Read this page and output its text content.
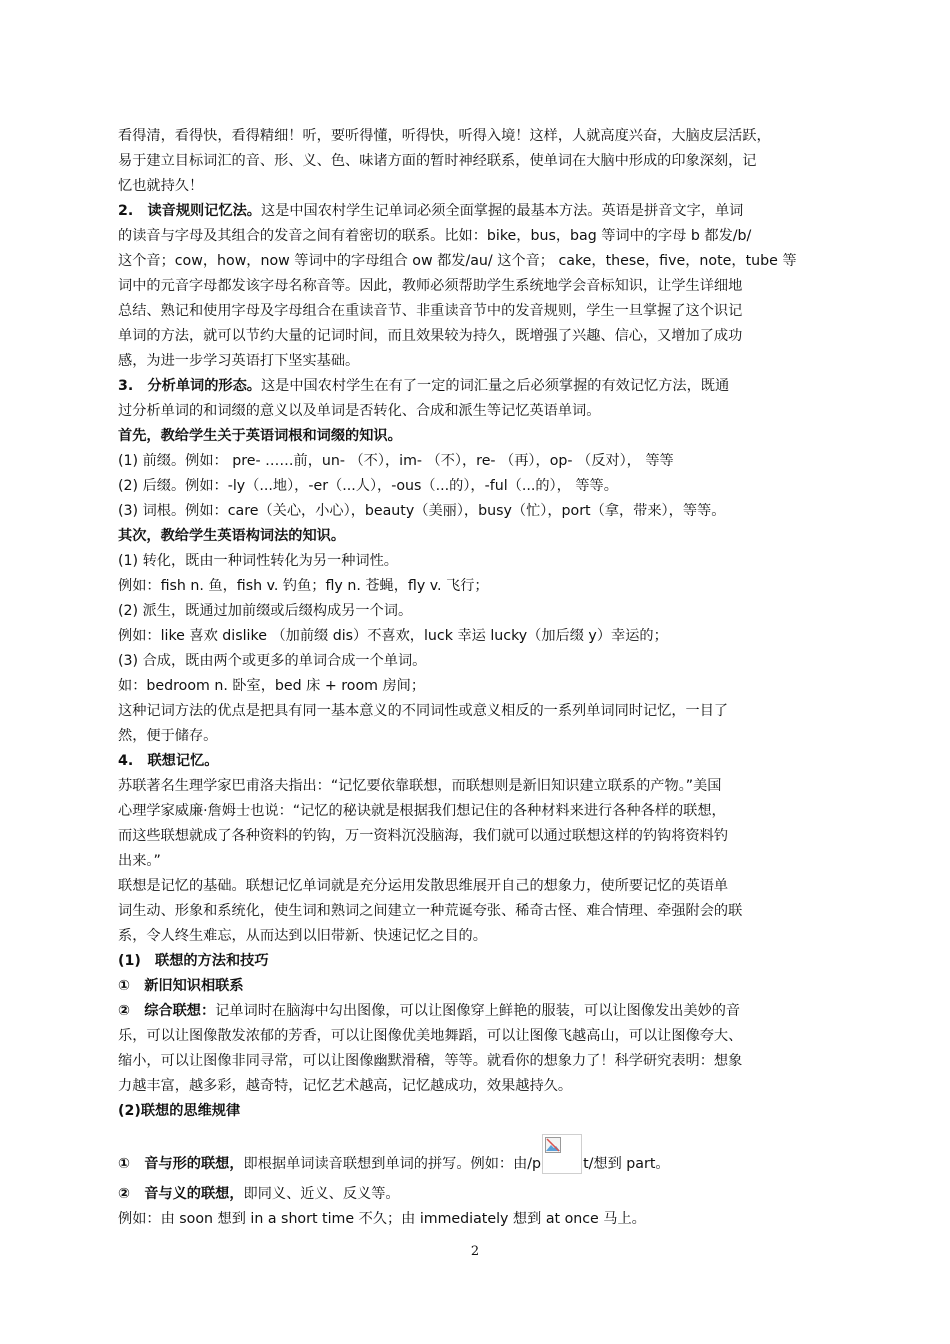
看得清，看得快，看得精细！听，要听得懂，听得快，听得入境！这样，人就高度兴奋，大脑皮层活跃，

易于建立目标词汇的音、形、义、色、味诸方面的暂时神经联系，使单词在大脑中形成的印象深刻，记

忆也就持久！

2.　读音规则记忆法。这是中国农村学生记单词必须全面掌握的最基本方法。英语是拼音文字，单词

的读音与字母及其组合的发音之间有着密切的联系。比如：bike，bus，bag 等词中的字母 b 都发/b/

这个音；cow，how，now 等词中的字母组合 ow 都发/au/ 这个音； cake，these，five，note，tube 等

词中的元音字母都发该字母名称音等。因此，教师必须帮助学生系统地学会音标知识，让学生详细地

总结、熟记和使用字母及字母组合在重读音节、非重读音节中的发音规则，学生一旦掌握了这个识记

单词的方法，就可以节约大量的记词时间，而且效果较为持久，既增强了兴趣、信心，又增加了成功

感，为进一步学习英语打下坚实基础。

3.　分析单词的形态。这是中国农村学生在有了一定的词汇量之后必须掌握的有效记忆方法，既通

过分析单词的和词缀的意义以及单词是否转化、合成和派生等记忆英语单词。

首先，教给学生关于英语词根和词缀的知识。

(1) 前缀。例如： pre- ……前，un- （不），im- （不），re- （再），op- （反对）， 等等

(2) 后缀。例如：-ly（...地），-er（...人），-ous（...的），-ful（...的）， 等等。

(3) 词根。例如：care（关心，小心），beauty（美丽），busy（忙），port（拿，带来），等等。

其次，教给学生英语构词法的知识。

(1) 转化，既由一种词性转化为另一种词性。

例如：fish n. 鱼，fish v. 钓鱼；fly n. 苍蝇，fly v. 飞行；

(2) 派生，既通过加前缀或后缀构成另一个词。

例如：like 喜欢 dislike （加前缀 dis）不喜欢，luck 幸运 lucky（加后缀 y）幸运的；

(3) 合成，既由两个或更多的单词合成一个单词。

如：bedroom n. 卧室，bed 床 + room 房间；

这种记词方法的优点是把具有同一基本意义的不同词性或意义相反的一系列单词同时记忆，一目了

然，便于储存。

4.　联想记忆。

苏联著名生理学家巴甫洛夫指出：“记忆要依靠联想，而联想则是新旧知识建立联系的产物。”美国

心理学家威廉·詹姆士也说：“记忆的秘诀就是根据我们想记住的各种材料来进行各种各样的联想，

而这些联想就成了各种资料的钓钩，万一资料沉没脑海，我们就可以通过联想这样的钓钩将资料钓

出来。”

联想是记忆的基础。联想记忆单词就是充分运用发散思维展开自己的想象力，使所要记忆的英语单

词生动、形象和系统化，使生词和熟词之间建立一种荒诞夸张、稀奇古怪、难合情理、牵强附会的联

系，令人终生难忘，从而达到以旧带新、快速记忆之目的。

(1)　联想的方法和技巧

①　新旧知识相联系

②　综合联想：记单词时在脑海中勾出图像，可以让图像穿上鲜艳的服装，可以让图像发出美妙的音

乐，可以让图像散发浓郁的芳香，可以让图像优美地舞蹈，可以让图像飞越高山，可以让图像夸大、

缩小，可以让图像非同寻常，可以让图像幽默滑稽，等等。就看你的想象力了！科学研究表明：想象

力越丰富，越多彩，越奇特，记忆艺术越高，记忆越成功，效果越持久。

(2)联想的思维规律

①　音与形的联想，即根据单词读音联想到单词的拼写。例如：由/p	t/想到 part。

②　音与义的联想，即同义、近义、反义等。

例如：由 soon 想到 in a short time 不久；由 immediately 想到 at once 马上。

2
